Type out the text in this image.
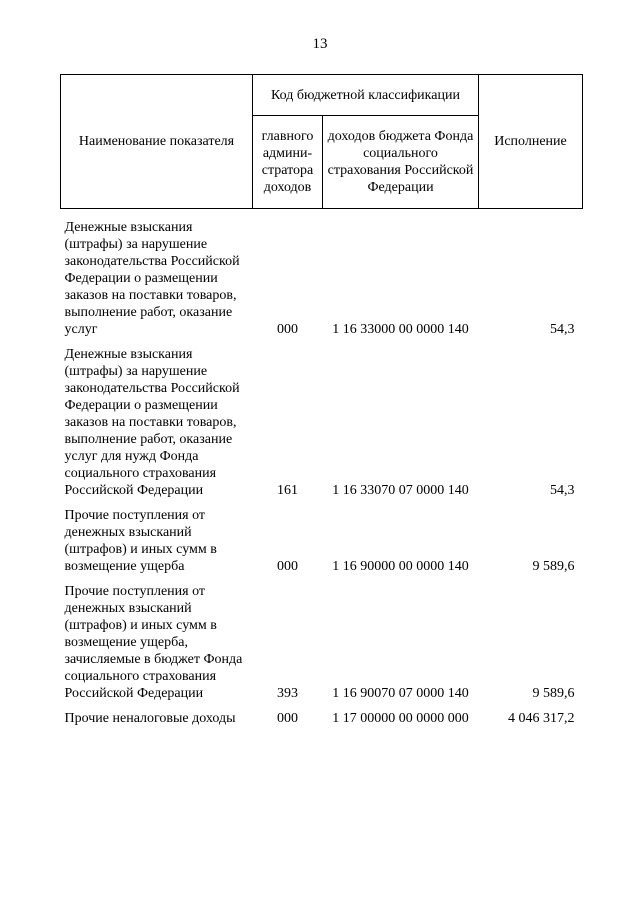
13
Наименование показателя	Код бюджетной классификации		Исполнение
	главного админи-стратора доходов	доходов бюджета Фонда социального страхования Российской Федерации	
Денежные взыскания (штрафы) за нарушение законодательства Российской Федерации о размещении заказов на поставки товаров, выполнение работ, оказание услуг	000	1 16 33000 00 0000 140	54,3
Денежные взыскания (штрафы) за нарушение законодательства Российской Федерации о размещении заказов на поставки товаров, выполнение работ, оказание услуг для нужд Фонда социального страхования Российской Федерации	161	1 16 33070 07 0000 140	54,3
Прочие поступления от денежных взысканий (штрафов) и иных сумм в возмещение ущерба	000	1 16 90000 00 0000 140	9 589,6
Прочие поступления от денежных взысканий (штрафов) и иных сумм в возмещение ущерба, зачисляемые в бюджет Фонда социального страхования Российской Федерации	393	1 16 90070 07 0000 140	9 589,6
Прочие неналоговые доходы	000	1 17 00000 00 0000 000	4 046 317,2
